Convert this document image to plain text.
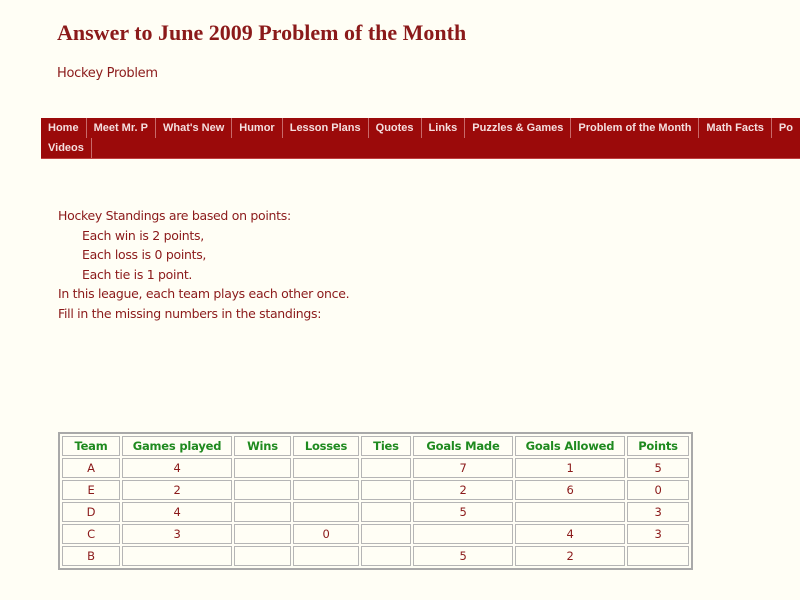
Answer to June 2009 Problem of the Month
Hockey Problem
Home	Meet Mr. P	What's New	Humor	Lesson Plans	Quotes	Links	Puzzles & Games	Problem of the Month	Math Facts	Po
Videos
Hockey Standings are based on points:
Each win is 2 points,
Each loss is 0 points,
Each tie is 1 point.
In this league, each team plays each other once.
Fill in the missing numbers in the standings:
Team	Games played	Wins	Losses	Ties	Goals Made	Goals Allowed	Points
A	4				7	1	5
E	2				2	6	0
D	4				5		3
C	3		0			4	3
B					5	2	
